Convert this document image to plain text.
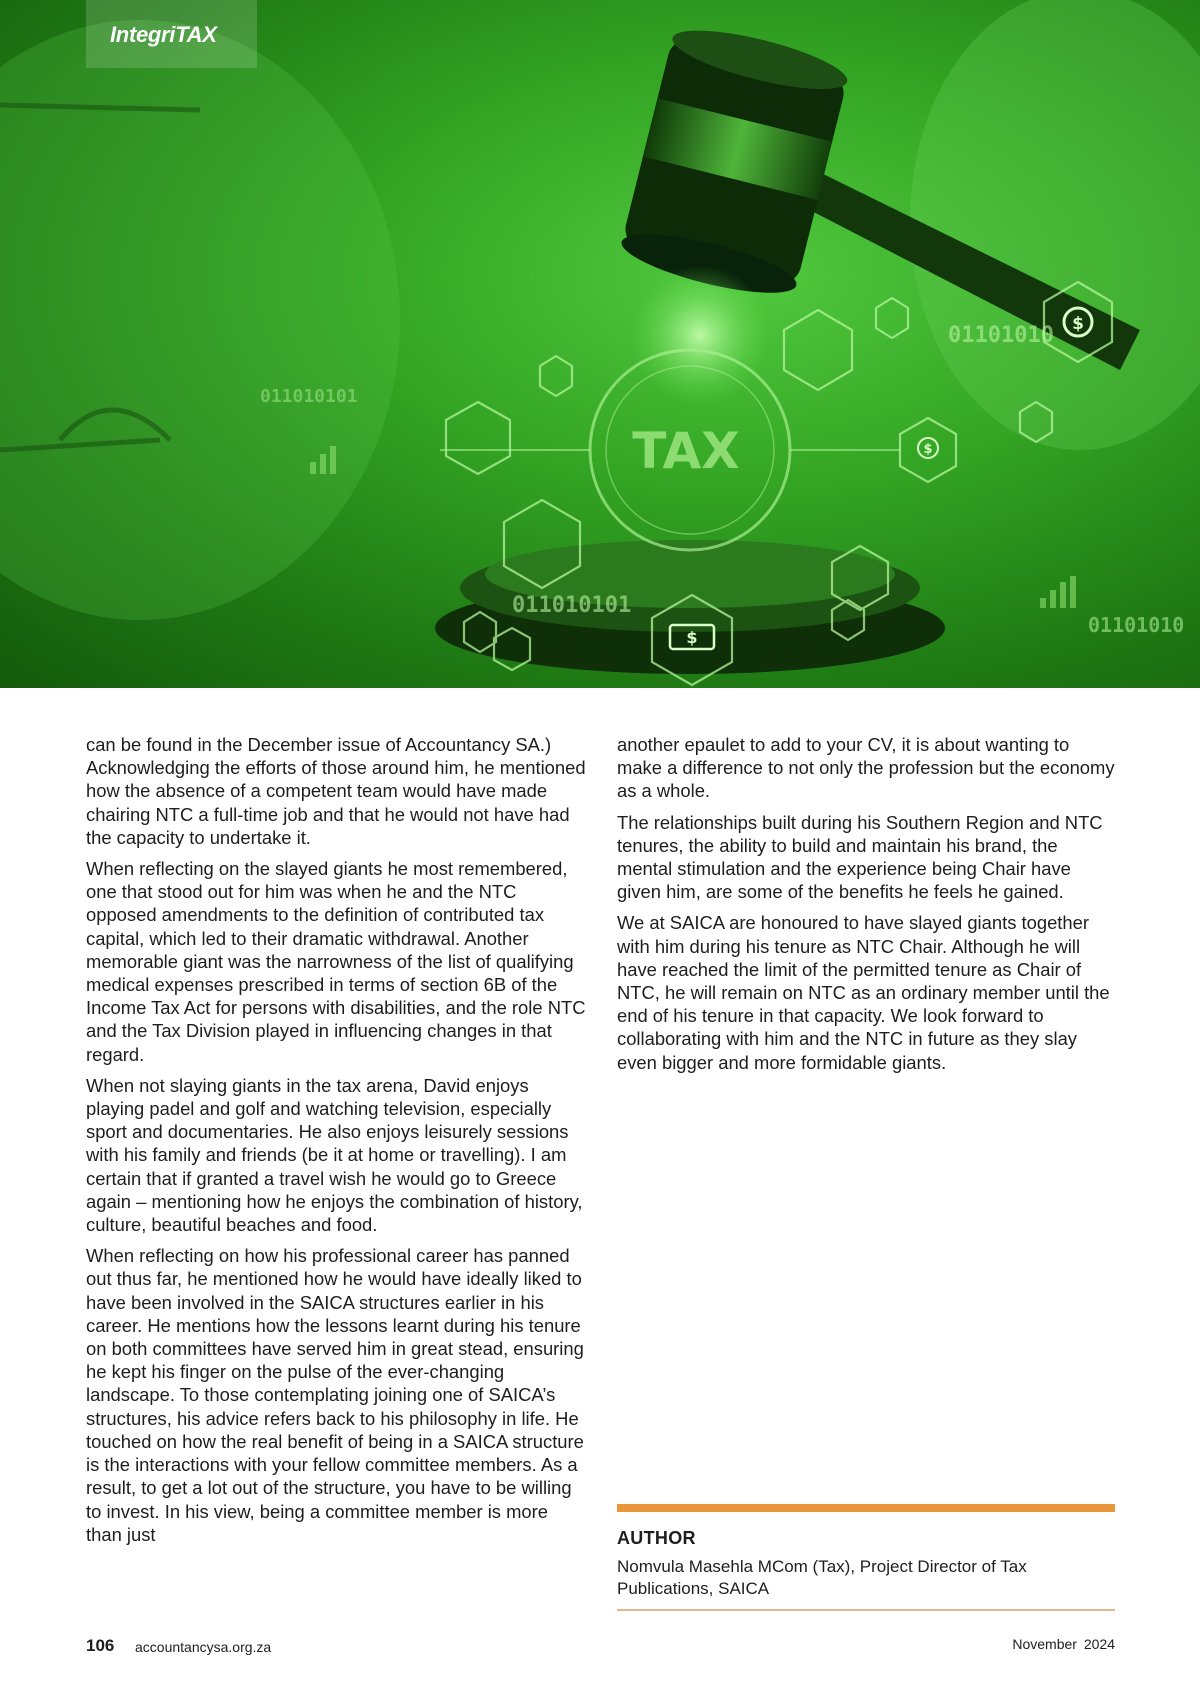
$
$
$
TAX
01101010
01101010
011010101
011010101
IntegriTAX

can be found in the December issue of Accountancy SA.) Acknowledging the efforts of those around him, he mentioned how the absence of a competent team would have made chairing NTC a full-time job and that he would not have had the capacity to undertake it.

When reflecting on the slayed giants he most remembered, one that stood out for him was when he and the NTC opposed amendments to the definition of contributed tax capital, which led to their dramatic withdrawal. Another memorable giant was the narrowness of the list of qualifying medical expenses prescribed in terms of section 6B of the Income Tax Act for persons with disabilities, and the role NTC and the Tax Division played in influencing changes in that regard.

When not slaying giants in the tax arena, David enjoys playing padel and golf and watching television, especially sport and documentaries. He also enjoys leisurely sessions with his family and friends (be it at home or travelling). I am certain that if granted a travel wish he would go to Greece again – mentioning how he enjoys the combination of history, culture, beautiful beaches and food.

When reflecting on how his professional career has panned out thus far, he mentioned how he would have ideally liked to have been involved in the SAICA structures earlier in his career. He mentions how the lessons learnt during his tenure on both committees have served him in great stead, ensuring he kept his finger on the pulse of the ever-changing landscape. To those contemplating joining one of SAICA’s structures, his advice refers back to his philosophy in life. He touched on how the real benefit of being in a SAICA structure is the interactions with your fellow committee members. As a result, to get a lot out of the structure, you have to be willing to invest. In his view, being a committee member is more than just

another epaulet to add to your CV, it is about wanting to make a difference to not only the profession but the economy as a whole.

The relationships built during his Southern Region and NTC tenures, the ability to build and maintain his brand, the mental stimulation and the experience being Chair have given him, are some of the benefits he feels he gained.

We at SAICA are honoured to have slayed giants together with him during his tenure as NTC Chair. Although he will have reached the limit of the permitted tenure as Chair of NTC, he will remain on NTC as an ordinary member until the end of his tenure in that capacity. We look forward to collaborating with him and the NTC in future as they slay even bigger and more formidable giants.

AUTHOR
Nomvula Masehla MCom (Tax), Project Director of Tax Publications, SAICA
106 accountancysa.org.za	November 2024
